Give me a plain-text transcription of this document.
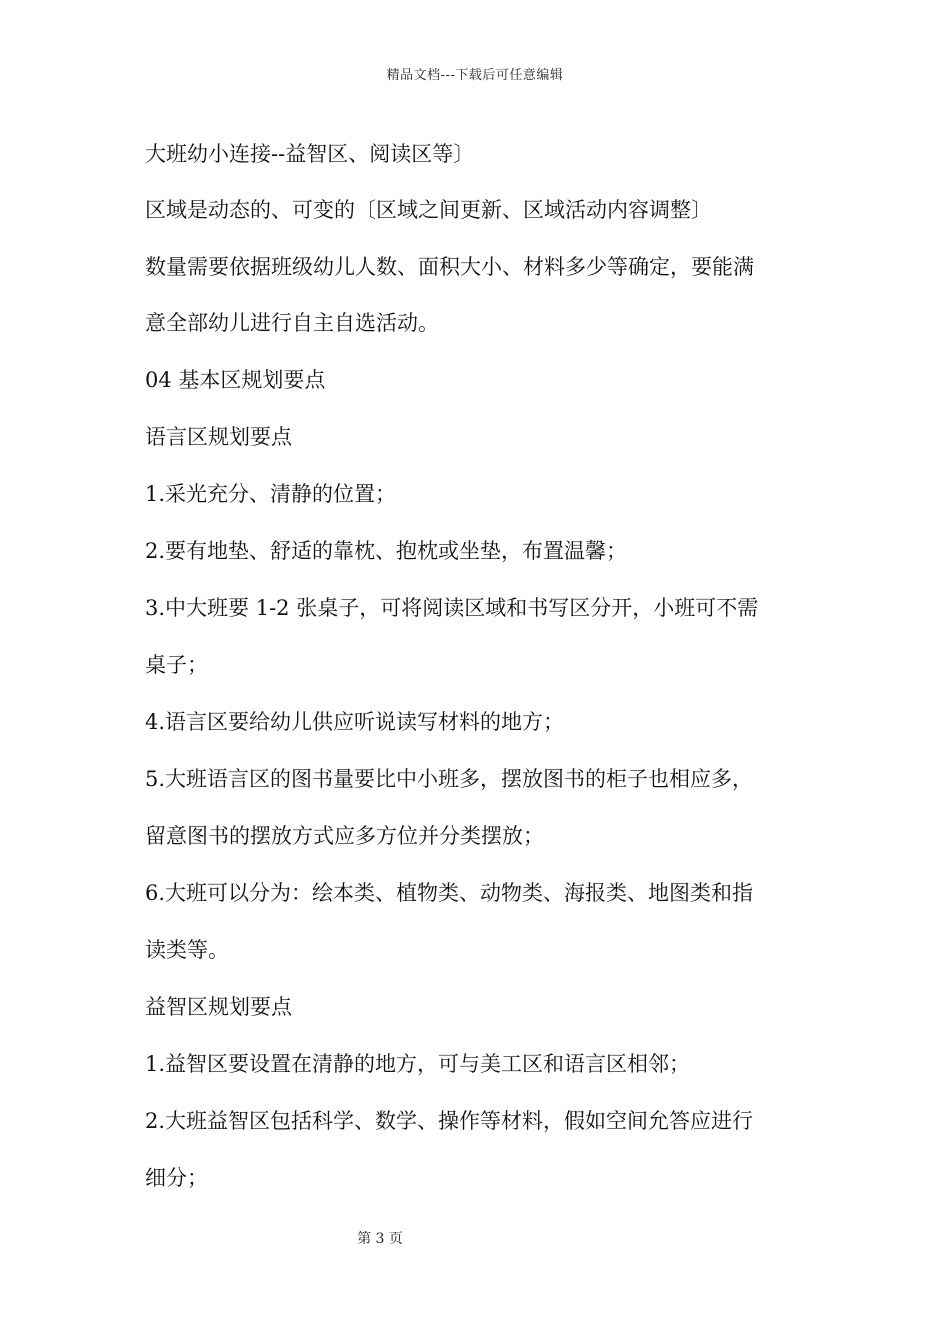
精品文档---下载后可任意编辑
大班幼小连接--益智区、阅读区等〕
区域是动态的、可变的〔区域之间更新、区域活动内容调整〕
数量需要依据班级幼儿人数、面积大小、材料多少等确定，要能满
意全部幼儿进行自主自选活动。
04 基本区规划要点
语言区规划要点
1.采光充分、清静的位置；
2.要有地垫、舒适的靠枕、抱枕或坐垫，布置温馨；
3.中大班要 1-2 张桌子，可将阅读区域和书写区分开，小班可不需
桌子；
4.语言区要给幼儿供应听说读写材料的地方；
5.大班语言区的图书量要比中小班多，摆放图书的柜子也相应多，
留意图书的摆放方式应多方位并分类摆放；
6.大班可以分为：绘本类、植物类、动物类、海报类、地图类和指
读类等。
益智区规划要点
1.益智区要设置在清静的地方，可与美工区和语言区相邻；
2.大班益智区包括科学、数学、操作等材料，假如空间允答应进行
细分；
第 3 页
